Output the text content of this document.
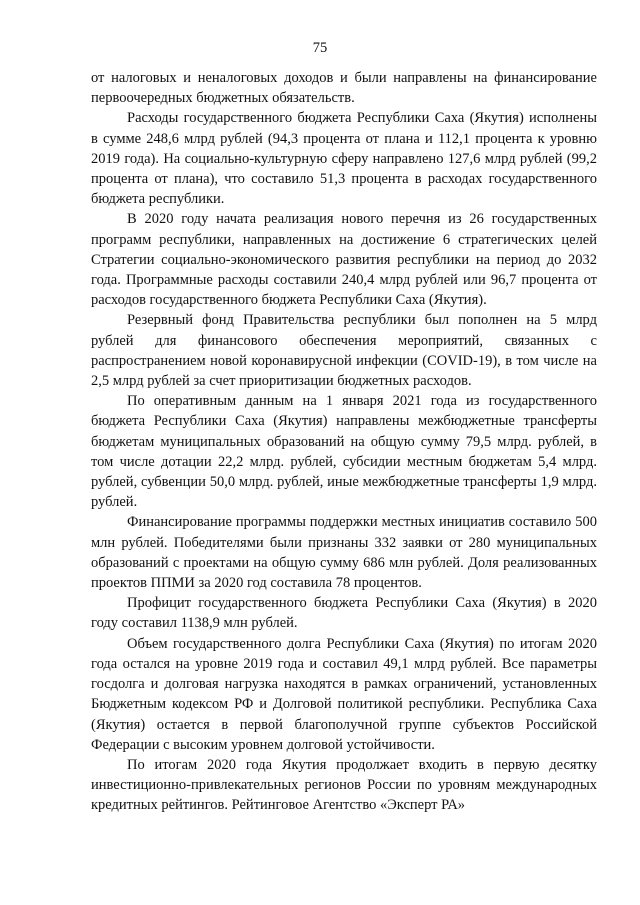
75

от налоговых и неналоговых доходов и были направлены на финансирование первоочередных бюджетных обязательств.

Расходы государственного бюджета Республики Саха (Якутия) исполнены в сумме 248,6 млрд рублей (94,3 процента от плана и 112,1 процента к уровню 2019 года). На социально-культурную сферу направлено 127,6 млрд рублей (99,2 процента от плана), что составило 51,3 процента в расходах государственного бюджета республики.

В 2020 году начата реализация нового перечня из 26 государственных программ республики, направленных на достижение 6 стратегических целей Стратегии социально-экономического развития республики на период до 2032 года. Программные расходы составили 240,4 млрд рублей или 96,7 процента от расходов государственного бюджета Республики Саха (Якутия).

Резервный фонд Правительства республики был пополнен на 5 млрд рублей для финансового обеспечения мероприятий, связанных с распространением новой коронавирусной инфекции (COVID-19), в том числе на 2,5 млрд рублей за счет приоритизации бюджетных расходов.

По оперативным данным на 1 января 2021 года из государственного бюджета Республики Саха (Якутия) направлены межбюджетные трансферты бюджетам муниципальных образований на общую сумму 79,5 млрд. рублей, в том числе дотации 22,2 млрд. рублей, субсидии местным бюджетам 5,4 млрд. рублей, субвенции 50,0 млрд. рублей, иные межбюджетные трансферты 1,9 млрд. рублей.

Финансирование программы поддержки местных инициатив составило 500 млн рублей. Победителями были признаны 332 заявки от 280 муниципальных образований с проектами на общую сумму 686 млн рублей. Доля реализованных проектов ППМИ за 2020 год составила 78 процентов.

Профицит государственного бюджета Республики Саха (Якутия) в 2020 году составил 1138,9 млн рублей.

Объем государственного долга Республики Саха (Якутия) по итогам 2020 года остался на уровне 2019 года и составил 49,1 млрд рублей. Все параметры госдолга и долговая нагрузка находятся в рамках ограничений, установленных Бюджетным кодексом РФ и Долговой политикой республики. Республика Саха (Якутия) остается в первой благополучной группе субъектов Российской Федерации с высоким уровнем долговой устойчивости.

По итогам 2020 года Якутия продолжает входить в первую десятку инвестиционно-привлекательных регионов России по уровням международных кредитных рейтингов. Рейтинговое Агентство «Эксперт РА»
